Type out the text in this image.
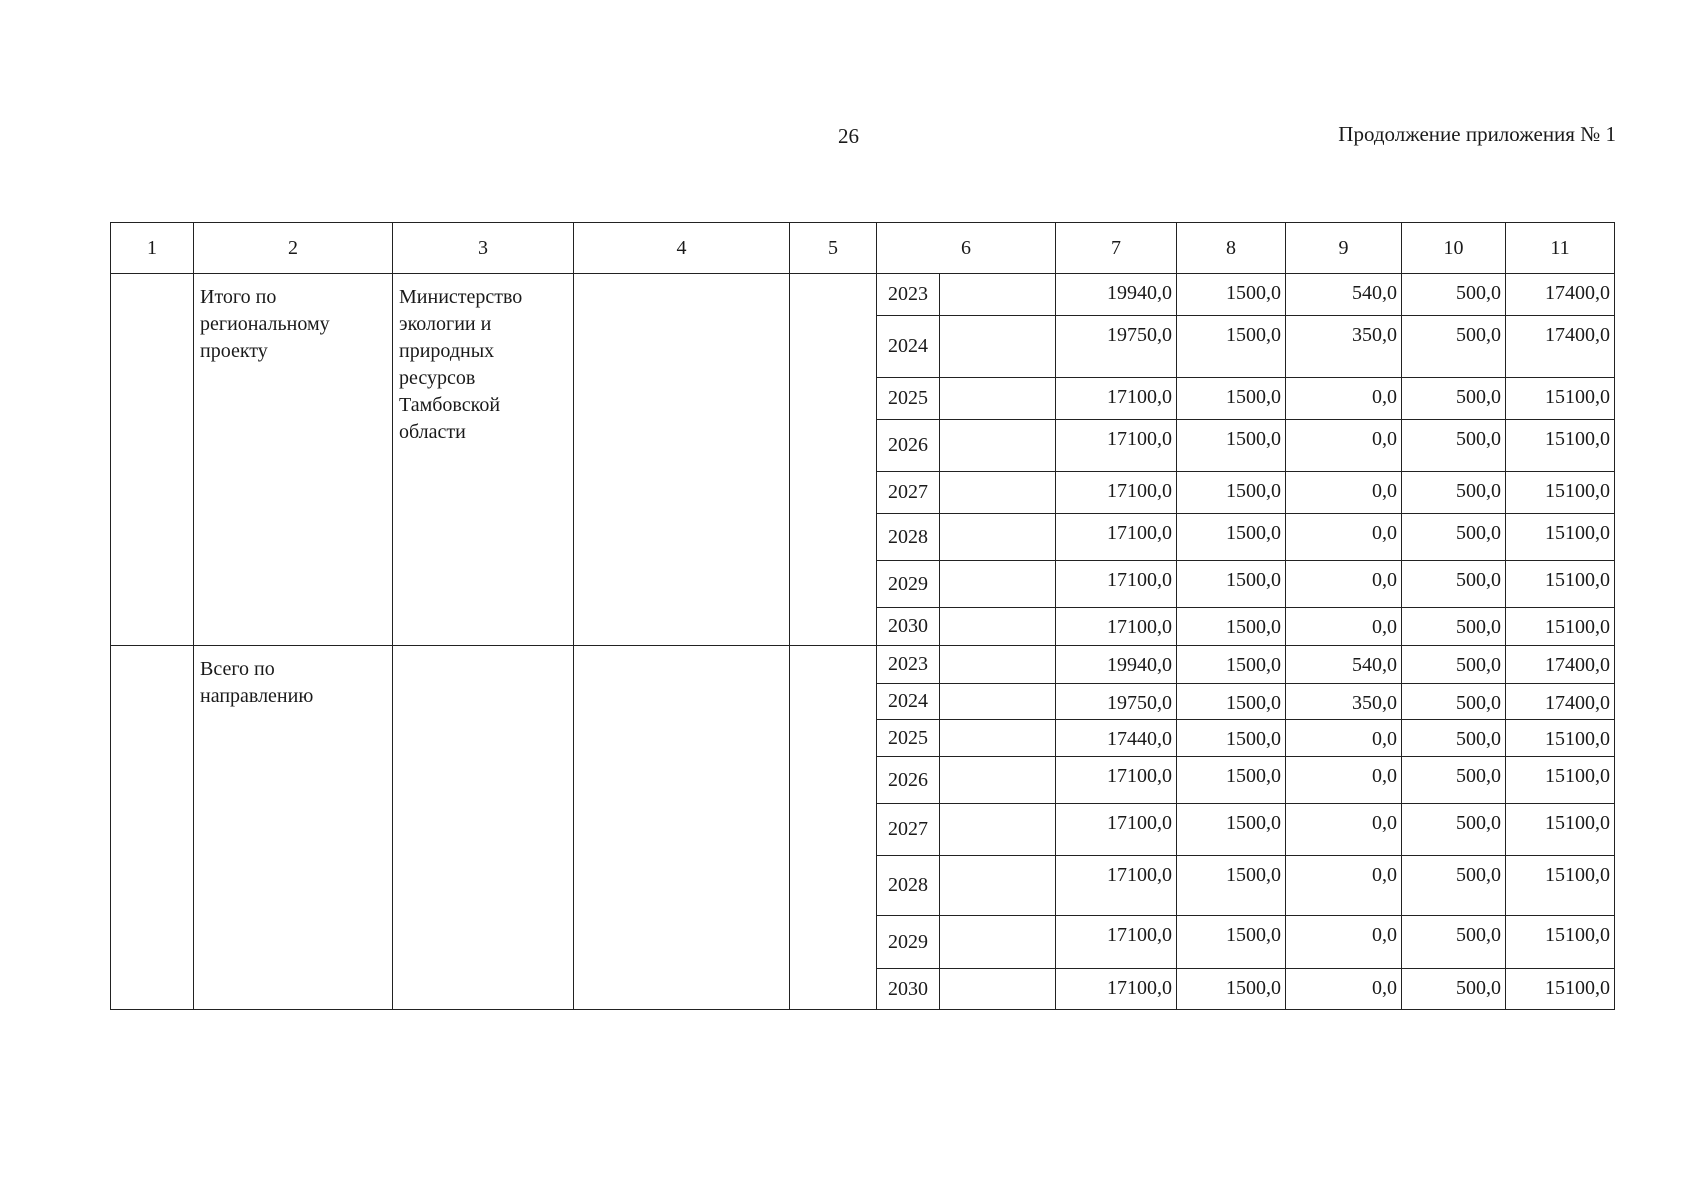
26	Продолжение приложения № 1
1	2	3	4	5	6		7	8	9	10	11
	Итого по региональному проекту	Министерство экологии и природных ресурсов Тамбовской области			2023		19940,0	1500,0	540,0	500,0	17400,0
					2024		19750,0	1500,0	350,0	500,0	17400,0
					2025		17100,0	1500,0	0,0	500,0	15100,0
					2026		17100,0	1500,0	0,0	500,0	15100,0
					2027		17100,0	1500,0	0,0	500,0	15100,0
					2028		17100,0	1500,0	0,0	500,0	15100,0
					2029		17100,0	1500,0	0,0	500,0	15100,0
					2030		17100,0	1500,0	0,0	500,0	15100,0
	Всего по направлению				2023		19940,0	1500,0	540,0	500,0	17400,0
					2024		19750,0	1500,0	350,0	500,0	17400,0
					2025		17440,0	1500,0	0,0	500,0	15100,0
					2026		17100,0	1500,0	0,0	500,0	15100,0
					2027		17100,0	1500,0	0,0	500,0	15100,0
					2028		17100,0	1500,0	0,0	500,0	15100,0
					2029		17100,0	1500,0	0,0	500,0	15100,0
					2030		17100,0	1500,0	0,0	500,0	15100,0
